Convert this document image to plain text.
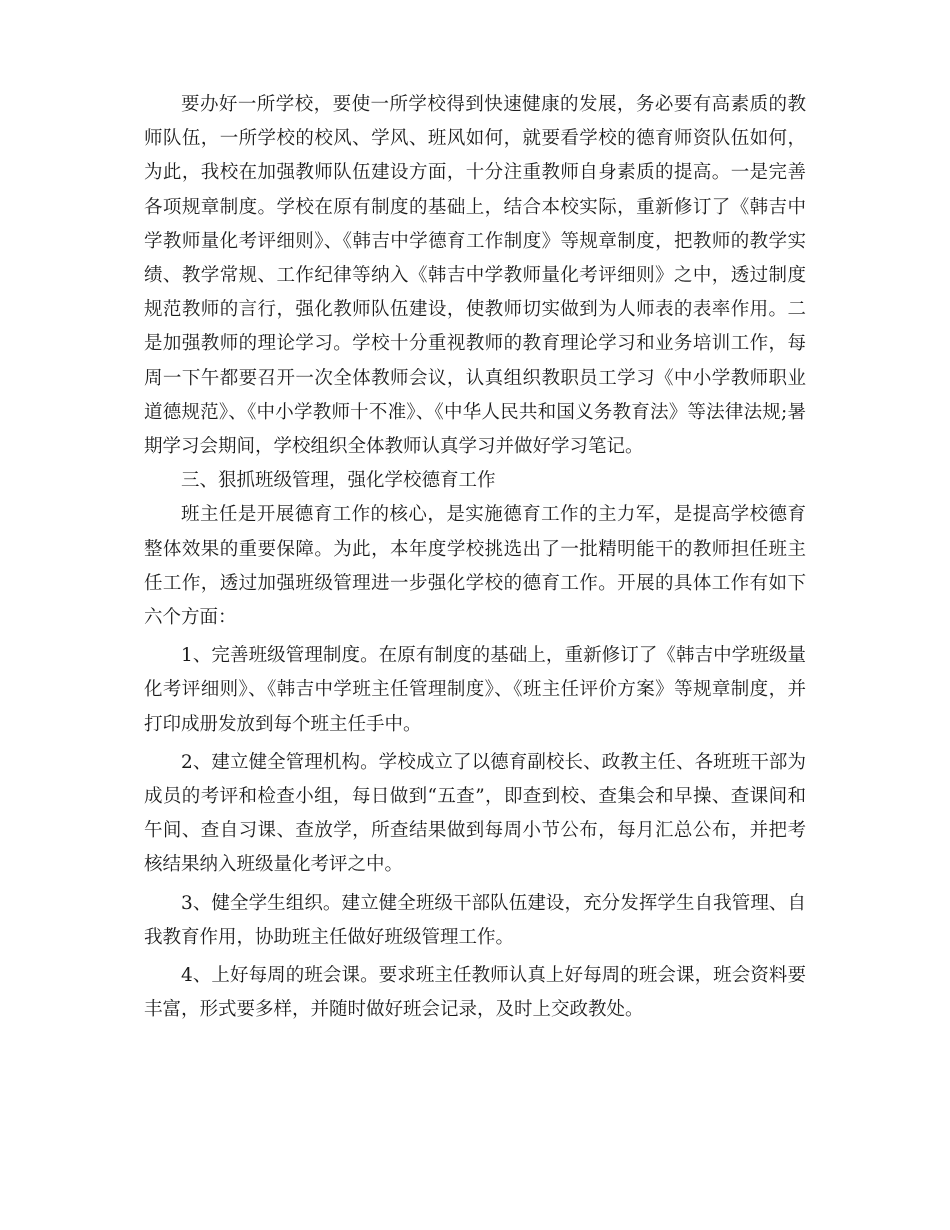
要办好一所学校，要使一所学校得到快速健康的发展，务必要有高素质的教师队伍，一所学校的校风、学风、班风如何，就要看学校的德育师资队伍如何，为此，我校在加强教师队伍建设方面，十分注重教师自身素质的提高。一是完善各项规章制度。学校在原有制度的基础上，结合本校实际，重新修订了《韩吉中学教师量化考评细则》、《韩吉中学德育工作制度》等规章制度，把教师的教学实绩、教学常规、工作纪律等纳入《韩吉中学教师量化考评细则》之中，透过制度规范教师的言行，强化教师队伍建设，使教师切实做到为人师表的表率作用。二是加强教师的理论学习。学校十分重视教师的教育理论学习和业务培训工作，每周一下午都要召开一次全体教师会议，认真组织教职员工学习《中小学教师职业道德规范》、《中小学教师十不准》、《中华人民共和国义务教育法》等法律法规;暑期学习会期间，学校组织全体教师认真学习并做好学习笔记。

三、狠抓班级管理，强化学校德育工作

班主任是开展德育工作的核心，是实施德育工作的主力军，是提高学校德育整体效果的重要保障。为此，本年度学校挑选出了一批精明能干的教师担任班主任工作，透过加强班级管理进一步强化学校的德育工作。开展的具体工作有如下六个方面：

1、完善班级管理制度。在原有制度的基础上，重新修订了《韩吉中学班级量化考评细则》、《韩吉中学班主任管理制度》、《班主任评价方案》等规章制度，并打印成册发放到每个班主任手中。

2、建立健全管理机构。学校成立了以德育副校长、政教主任、各班班干部为成员的考评和检查小组，每日做到“五查”，即查到校、查集会和早操、查课间和午间、查自习课、查放学，所查结果做到每周小节公布，每月汇总公布，并把考核结果纳入班级量化考评之中。

3、健全学生组织。建立健全班级干部队伍建设，充分发挥学生自我管理、自我教育作用，协助班主任做好班级管理工作。

4、上好每周的班会课。要求班主任教师认真上好每周的班会课，班会资料要丰富，形式要多样，并随时做好班会记录，及时上交政教处。
